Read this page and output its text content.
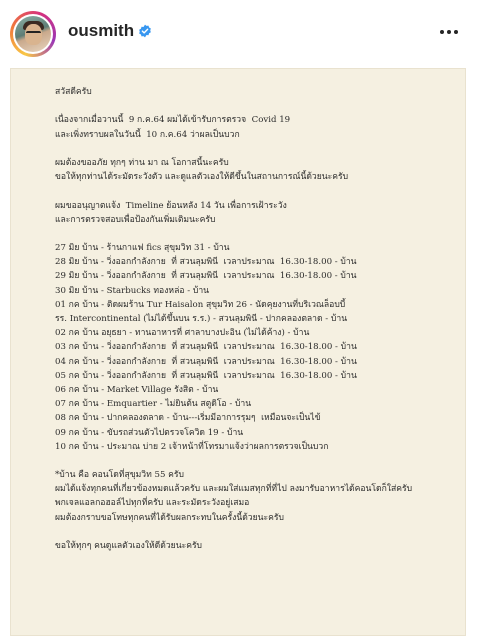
ousmith
สวัสดีครับ
เนื่องจากเมื่อวานนี้  9 ก.ค.64 ผมได้เข้ารับการตรวจ  Covid 19
และเพิ่งทราบผลในวันนี้  10 ก.ค.64 ว่าผลเป็นบวก
ผมต้องขออภัย ทุกๆ ท่าน มา ณ โอกาสนี้นะครับ
ขอให้ทุกท่านได้ระมัดระวังตัว และดูแลตัวเองให้ดีขึ้นในสถานการณ์นี้ด้วยนะครับ
ผมขออนุญาตแจ้ง  Timeline ย้อนหลัง 14 วัน เพื่อการเฝ้าระวัง
และการตรวจสอบเพื่อป้องกันเพิ่มเติมนะครับ
27 มิย บ้าน - ร้านกาแฟ fics สุขุมวิท 31 - บ้าน
28 มิย บ้าน - วิ่งออกกำลังกาย  ที่ สวนลุมพินี  เวลาประมาณ  16.30-18.00 - บ้าน
29 มิย บ้าน - วิ่งออกกำลังกาย  ที่ สวนลุมพินี  เวลาประมาณ  16.30-18.00 - บ้าน
30 มิย บ้าน - Starbucks ทองหล่อ - บ้าน
01 กค บ้าน - ติดผมร้าน Tur Haisalon สุขุมวิท 26 - นัดคุยงานที่บริเวณล็อบบี้
รร. Intercontinental (ไม่ได้ขึ้นบน ร.ร.) - สวนลุมพินี - ปากคลองตลาด - บ้าน
02 กค บ้าน อยุธยา - ทานอาหารที่ ศาลาบางปะอิน (ไม่ได้ค้าง) - บ้าน
03 กค บ้าน - วิ่งออกกำลังกาย  ที่ สวนลุมพินี  เวลาประมาณ  16.30-18.00 - บ้าน
04 กค บ้าน - วิ่งออกกำลังกาย  ที่ สวนลุมพินี  เวลาประมาณ  16.30-18.00 - บ้าน
05 กค บ้าน - วิ่งออกกำลังกาย  ที่ สวนลุมพินี  เวลาประมาณ  16.30-18.00 - บ้าน
06 กค บ้าน - Market Village รังสิต - บ้าน
07 กค บ้าน - Emquartier - ไม่ยินต้น สตูดิโอ - บ้าน
08 กค บ้าน - ปากคลองตลาด - บ้าน---เริ่มมีอาการรุมๆ  เหมือนจะเป็นไข้
09 กค บ้าน - ขับรถส่วนตัวไปตรวจโควิด 19 - บ้าน
10 กค บ้าน - ประมาณ บ่าย 2 เจ้าหน้าที่โทรมาแจ้งว่าผลการตรวจเป็นบวก
*บ้าน คือ คอนโดที่สุขุมวิท 55 ครับ
ผมได้แจ้งทุกคนที่เกี่ยวข้องหมดแล้วครับ และผมใส่แมสทุกที่ที่ไป ลงมารับอาหารได้คอนโดก็ใส่ครับ
พกเจลแอลกอฮอล์ไปทุกที่ครับ และระมัดระวังอยู่เสมอ
ผมต้องกราบขอโทษทุกคนที่ได้รับผลกระทบในครั้งนี้ด้วยนะครับ
ขอให้ทุกๆ คนดูแลตัวเองให้ดีด้วยนะครับ
